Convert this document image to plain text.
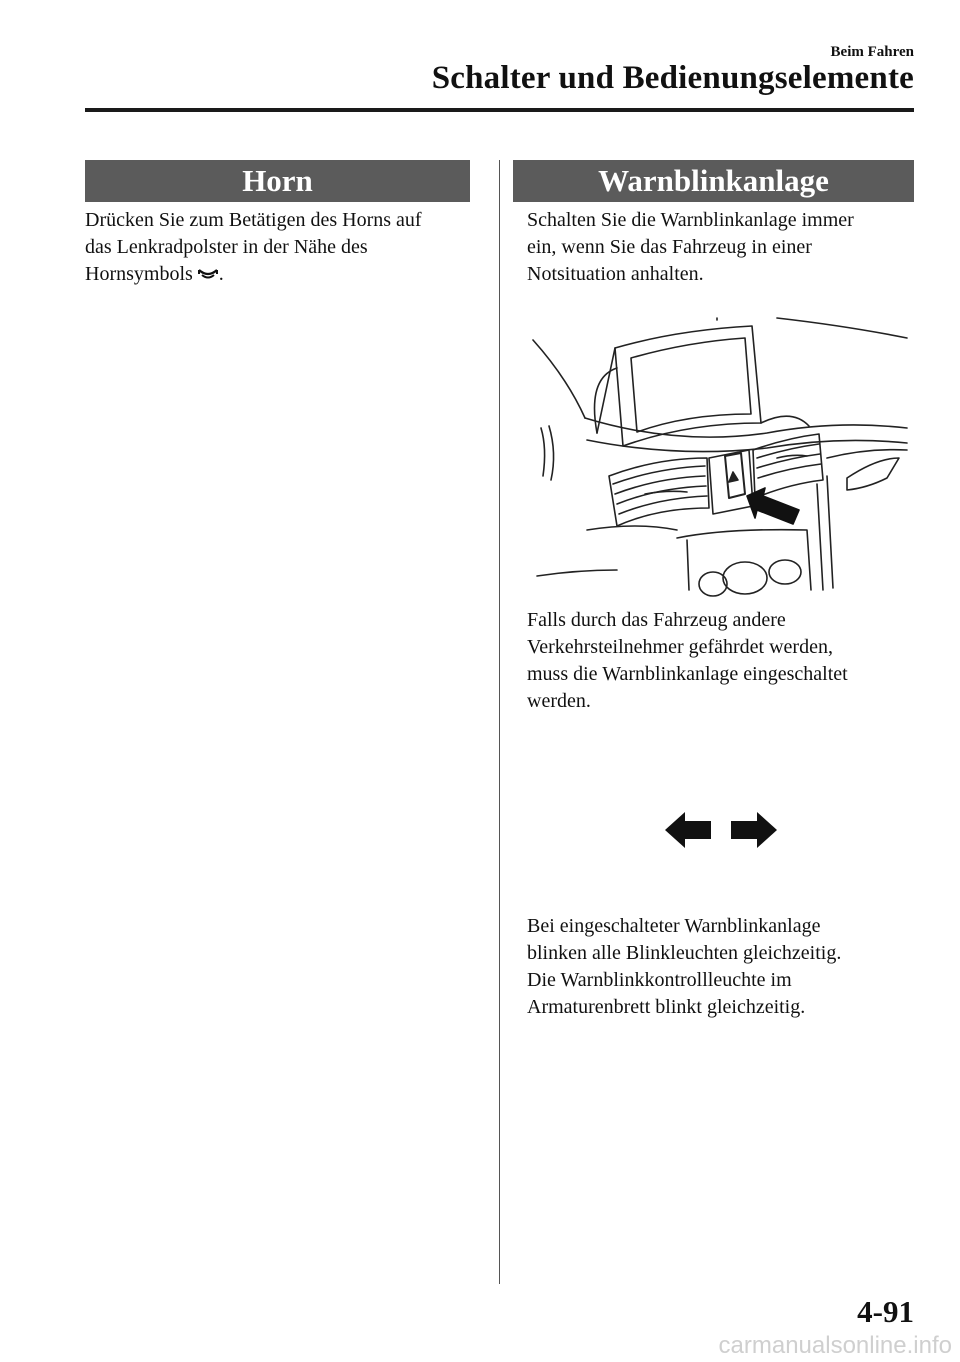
Beim Fahren
Schalter und Bedienungselemente
Horn
Drücken Sie zum Betätigen des Horns auf
das Lenkradpolster in der Nähe des
Hornsymbols .
Warnblinkanlage
Schalten Sie die Warnblinkanlage immer
ein, wenn Sie das Fahrzeug in einer
Notsituation anhalten.
Falls durch das Fahrzeug andere
Verkehrsteilnehmer gefährdet werden,
muss die Warnblinkanlage eingeschaltet
werden.
Bei eingeschalteter Warnblinkanlage
blinken alle Blinkleuchten gleichzeitig.
Die Warnblinkkontrollleuchte im
Armaturenbrett blinkt gleichzeitig.
4-91
carmanualsonline.info
